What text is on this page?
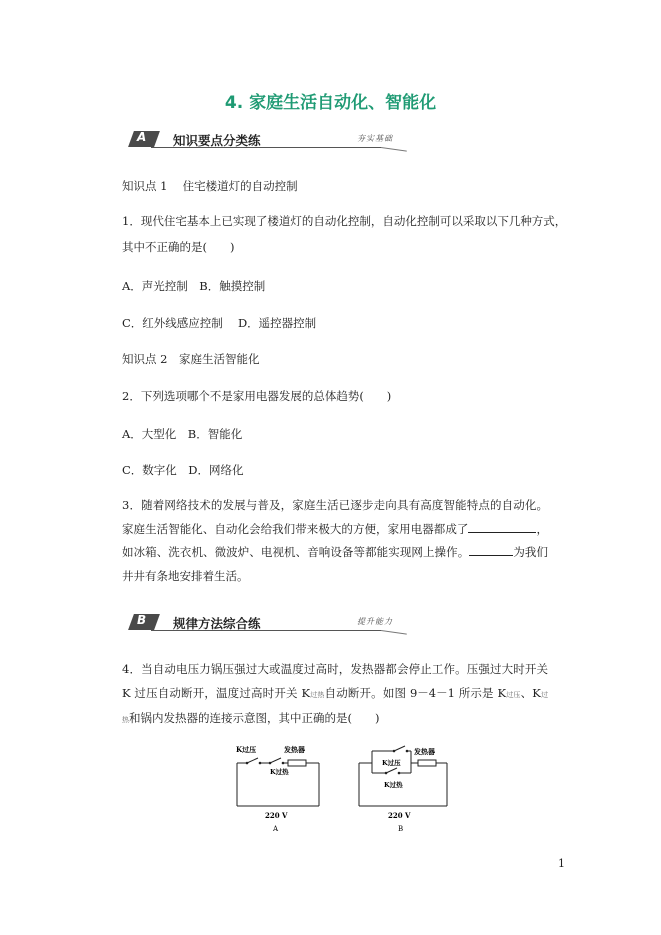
4. 家庭生活自动化、智能化
A 知识要点分类练	夯实基础
知识点 1　 住宅楼道灯的自动控制
1．现代住宅基本上已实现了楼道灯的自动化控制，自动化控制可以采取以下几种方式，
其中不正确的是(　　)
A．声光控制　B．触摸控制
C．红外线感应控制　 D．遥控器控制
知识点 2　家庭生活智能化
2．下列选项哪个不是家用电器发展的总体趋势(　　)
A．大型化　B．智能化
C．数字化　D．网络化
3．随着网络技术的发展与普及，家庭生活已逐步走向具有高度智能特点的自动化。家庭生活智能化、自动化会给我们带来极大的方便，家用电器都成了	，如冰箱、洗衣机、微波炉、电视机、音响设备等都能实现网上操作。	为我们井井有条地安排着生活。
B 规律方法综合练	提升能力
4．当自动电压力锅压强过大或温度过高时，发热器都会停止工作。压强过大时开关 K 过压自动断开，温度过高时开关 K过热自动断开。如图 9－4－1 所示是 K过压、K过热和锅内发热器的连接示意图，其中正确的是(　　)
K过压	发热器
K过热
220 V
A
发热器
K过压
K过热
220 V
B
1
